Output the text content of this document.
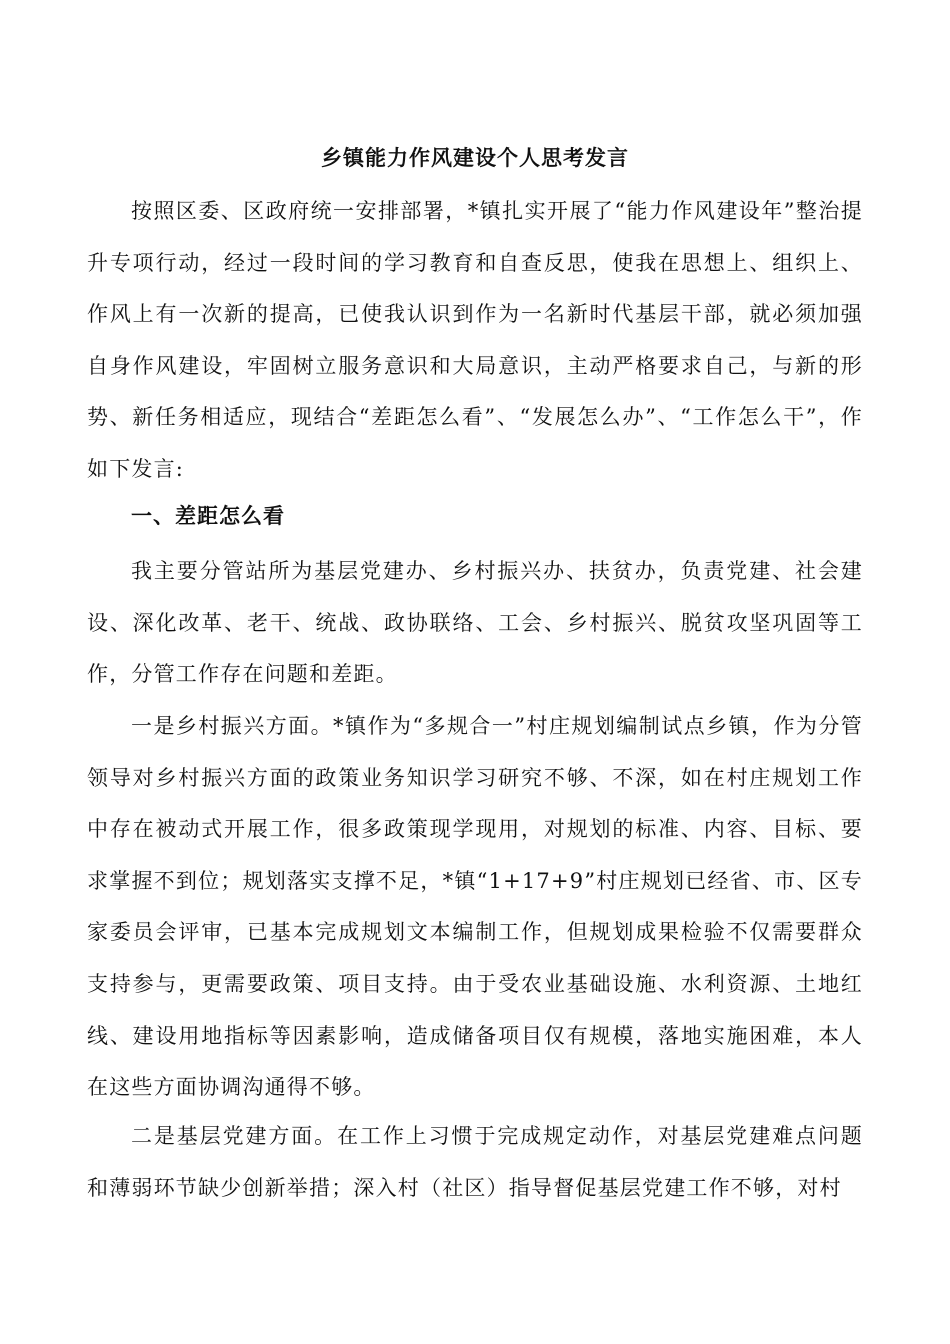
乡镇能力作风建设个人思考发言

按照区委、区政府统一安排部署，*镇扎实开展了“能力作风建设年”整治提升专项行动，经过一段时间的学习教育和自查反思，使我在思想上、组织上、作风上有一次新的提高，已使我认识到作为一名新时代基层干部，就必须加强自身作风建设，牢固树立服务意识和大局意识，主动严格要求自己，与新的形势、新任务相适应，现结合“差距怎么看”、“发展怎么办”、“工作怎么干”，作如下发言:

一、差距怎么看

我主要分管站所为基层党建办、乡村振兴办、扶贫办，负责党建、社会建设、深化改革、老干、统战、政协联络、工会、乡村振兴、脱贫攻坚巩固等工作，分管工作存在问题和差距。

一是乡村振兴方面。*镇作为“多规合一”村庄规划编制试点乡镇，作为分管领导对乡村振兴方面的政策业务知识学习研究不够、不深，如在村庄规划工作中存在被动式开展工作，很多政策现学现用，对规划的标准、内容、目标、要求掌握不到位；规划落实支撑不足，*镇“1+17+9”村庄规划已经省、市、区专家委员会评审，已基本完成规划文本编制工作，但规划成果检验不仅需要群众支持参与，更需要政策、项目支持。由于受农业基础设施、水利资源、土地红线、建设用地指标等因素影响，造成储备项目仅有规模，落地实施困难，本人在这些方面协调沟通得不够。

二是基层党建方面。在工作上习惯于完成规定动作，对基层党建难点问题和薄弱环节缺少创新举措；深入村（社区）指导督促基层党建工作不够，对村
